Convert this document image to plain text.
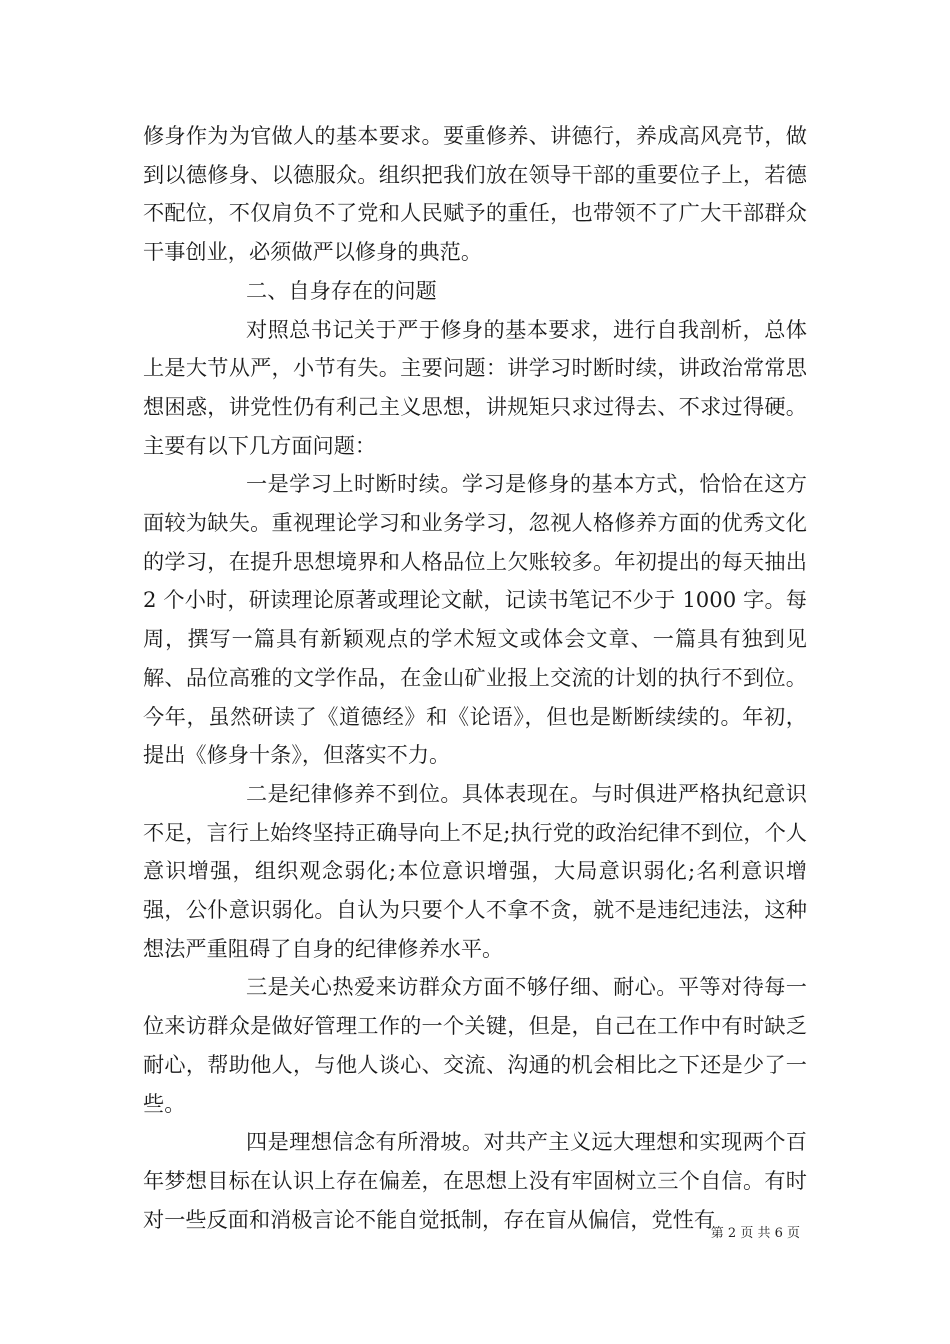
修身作为为官做人的基本要求。要重修养、讲德行，养成高风亮节，做到以德修身、以德服众。组织把我们放在领导干部的重要位子上，若德不配位，不仅肩负不了党和人民赋予的重任，也带领不了广大干部群众干事创业，必须做严以修身的典范。

二、自身存在的问题

对照总书记关于严于修身的基本要求，进行自我剖析，总体上是大节从严，小节有失。主要问题：讲学习时断时续，讲政治常常思想困惑，讲党性仍有利己主义思想，讲规矩只求过得去、不求过得硬。主要有以下几方面问题：

一是学习上时断时续。学习是修身的基本方式，恰恰在这方面较为缺失。重视理论学习和业务学习，忽视人格修养方面的优秀文化的学习，在提升思想境界和人格品位上欠账较多。年初提出的每天抽出 2 个小时，研读理论原著或理论文献，记读书笔记不少于 1000 字。每周，撰写一篇具有新颖观点的学术短文或体会文章、一篇具有独到见解、品位高雅的文学作品，在金山矿业报上交流的计划的执行不到位。今年，虽然研读了《道德经》和《论语》，但也是断断续续的。年初，提出《修身十条》，但落实不力。

二是纪律修养不到位。具体表现在。与时俱进严格执纪意识不足，言行上始终坚持正确导向上不足;执行党的政治纪律不到位，个人意识增强，组织观念弱化;本位意识增强，大局意识弱化;名利意识增强，公仆意识弱化。自认为只要个人不拿不贪，就不是违纪违法，这种想法严重阻碍了自身的纪律修养水平。

三是关心热爱来访群众方面不够仔细、耐心。平等对待每一位来访群众是做好管理工作的一个关键，但是，自己在工作中有时缺乏耐心，帮助他人，与他人谈心、交流、沟通的机会相比之下还是少了一些。

四是理想信念有所滑坡。对共产主义远大理想和实现两个百年梦想目标在认识上存在偏差，在思想上没有牢固树立三个自信。有时对一些反面和消极言论不能自觉抵制，存在盲从偏信，党性有

第 2 页 共 6 页
